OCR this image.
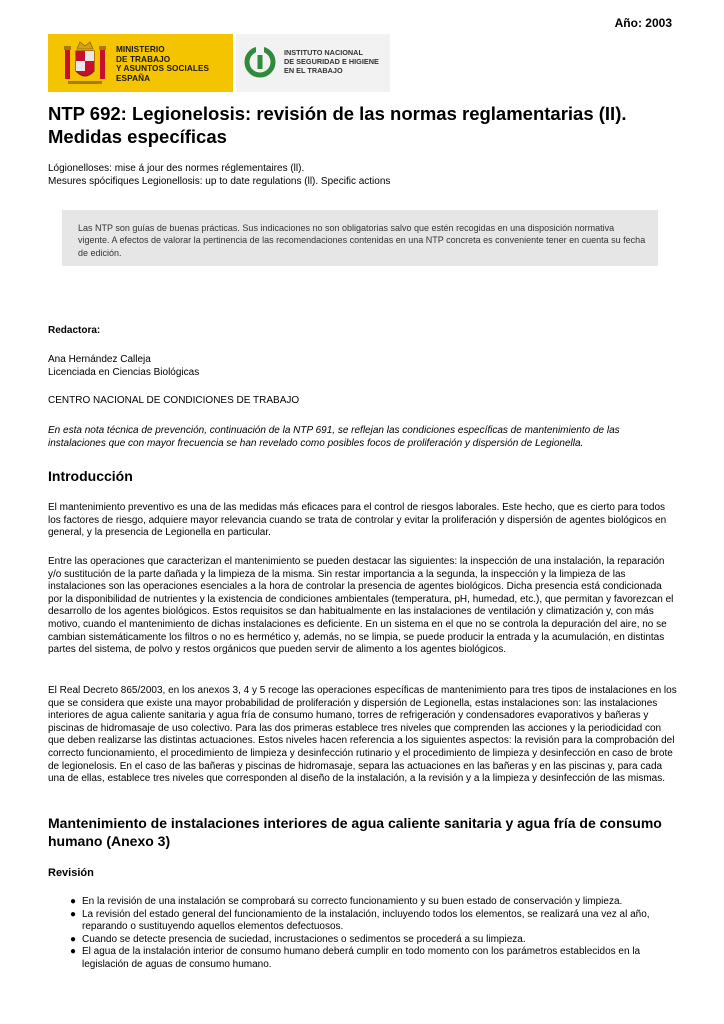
Año: 2003
MINISTERIO
DE TRABAJO
Y ASUNTOS SOCIALES
ESPAÑA
INSTITUTO NACIONAL
DE SEGURIDAD E HIGIENE
EN EL TRABAJO
NTP 692: Legionelosis: revisión de las normas reglamentarias (II). Medidas específicas
Lógionelloses: mise á jour des normes réglementaires (ll).
Mesures spócifiques Legionellosis: up to date regulations (ll). Specific actions

Las NTP son guías de buenas prácticas. Sus indicaciones no son obligatorias salvo que estén recogidas en una disposición normativa vigente. A efectos de valorar la pertinencia de las recomendaciones contenidas en una NTP concreta es conveniente tener en cuenta su fecha de edición.

Redactora:

Ana Hernández Calleja

Licenciada en Ciencias Biológicas

CENTRO NACIONAL DE CONDICIONES DE TRABAJO

En esta nota técnica de prevención, continuación de la NTP 691, se reflejan las condiciones específicas de mantenimiento de las instalaciones que con mayor frecuencia se han revelado como posibles focos de proliferación y dispersión de Legionella.

Introducción

El mantenimiento preventivo es una de las medidas más eficaces para el control de riesgos laborales. Este hecho, que es cierto para todos los factores de riesgo, adquiere mayor relevancia cuando se trata de controlar y evitar la proliferación y dispersión de agentes biológicos en general, y la presencia de Legionella en particular.

Entre las operaciones que caracterizan el mantenimiento se pueden destacar las siguientes: la inspección de una instalación, la reparación y/o sustitución de la parte dañada y la limpieza de la misma. Sin restar importancia a la segunda, la inspección y la limpieza de las instalaciones son las operaciones esenciales a la hora de controlar la presencia de agentes biológicos. Dicha presencia está condicionada por la disponibilidad de nutrientes y la existencia de condiciones ambientales (temperatura, pH, humedad, etc.), que permitan y favorezcan el desarrollo de los agentes biológicos. Estos requisitos se dan habitualmente en las instalaciones de ventilación y climatización y, con más motivo, cuando el mantenimiento de dichas instalaciones es deficiente. En un sistema en el que no se controla la depuración del aire, no se cambian sistemáticamente los filtros o no es hermético y, además, no se limpia, se puede producir la entrada y la acumulación, en distintas partes del sistema, de polvo y restos orgánicos que pueden servir de alimento a los agentes biológicos.

El Real Decreto 865/2003, en los anexos 3, 4 y 5 recoge las operaciones específicas de mantenimiento para tres tipos de instalaciones en los que se considera que existe una mayor probabilidad de proliferación y dispersión de Legionella, estas instalaciones son: las instalaciones interiores de agua caliente sanitaria y agua fría de consumo humano, torres de refrigeración y condensadores evaporativos y bañeras y piscinas de hidromasaje de uso colectivo. Para las dos primeras establece tres niveles que comprenden las acciones y la periodicidad con que deben realizarse las distintas actuaciones. Estos niveles hacen referencia a los siguientes aspectos: la revisión para la comprobación del correcto funcionamiento, el procedimiento de limpieza y desinfección rutinario y el procedimiento de limpieza y desinfección en caso de brote de legionelosis. En el caso de las bañeras y piscinas de hidromasaje, separa las actuaciones en las bañeras y en las piscinas y, para cada una de ellas, establece tres niveles que corresponden al diseño de la instalación, a la revisión y a la limpieza y desinfección de las mismas.

Mantenimiento de instalaciones interiores de agua caliente sanitaria y agua fría de consumo humano (Anexo 3)
Revisión
● En la revisión de una instalación se comprobará su correcto funcionamiento y su buen estado de conservación y limpieza.
● La revisión del estado general del funcionamiento de la instalación, incluyendo todos los elementos, se realizará una vez al año, reparando o sustituyendo aquellos elementos defectuosos.
● Cuando se detecte presencia de suciedad, incrustaciones o sedimentos se procederá a su limpieza.
● El agua de la instalación interior de consumo humano deberá cumplir en todo momento con los parámetros establecidos en la legislación de aguas de consumo humano.
